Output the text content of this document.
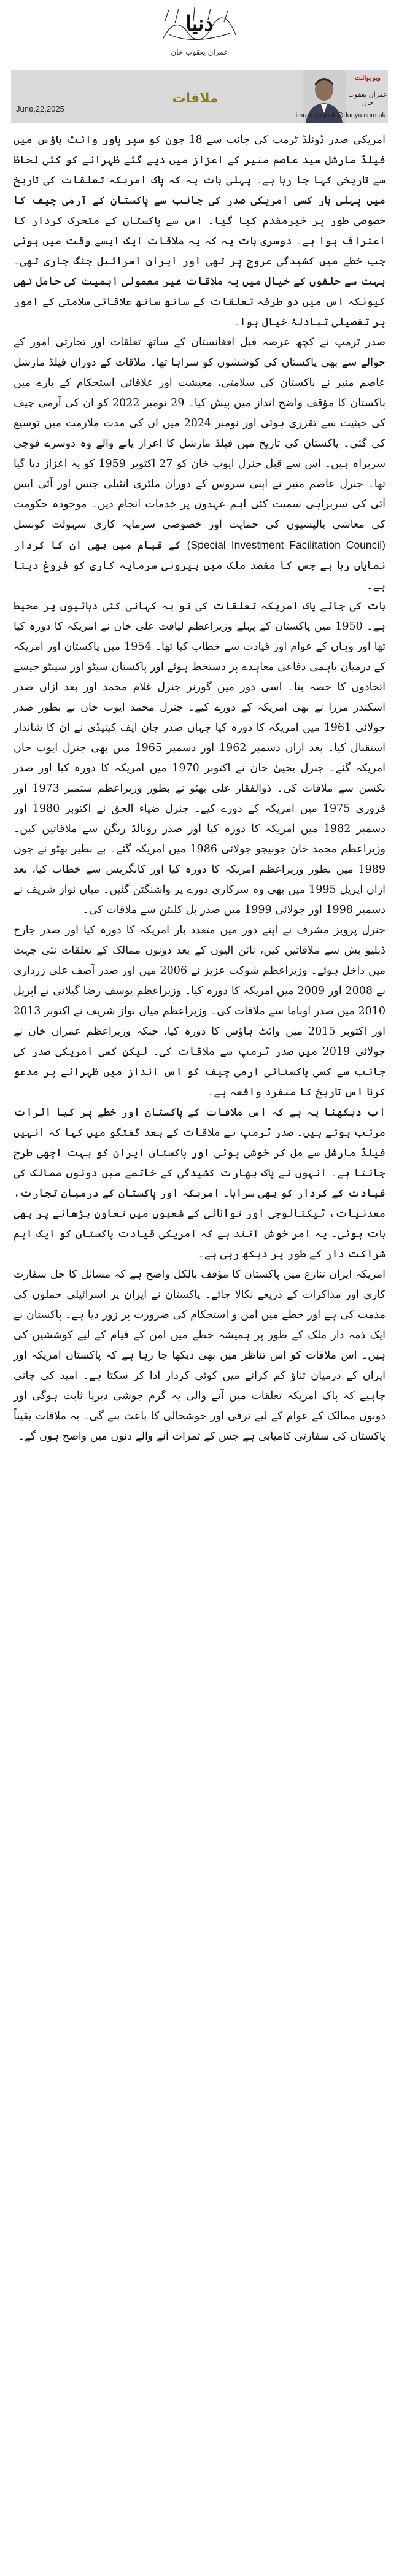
دنیا
عمران یعقوب خان
June,22,2025
ملاقات
ویو پوائنٹ
عمران یعقوب خان
imran.yaqoob@dunya.com.pk

امریکی صدر ڈونلڈ ٹرمپ کی جانب سے 18 جون کو سپر پاور وائٹ ہاؤس میں فیلڈ مارشل سید عاصم منیر کے اعزاز میں دیے گئے ظہرانے کو کئی لحاظ سے تاریخی کہا جا رہا ہے۔ پہلی بات یہ کہ پاک امریکہ تعلقات کی تاریخ میں پہلی بار کسی امریکی صدر کی جانب سے پاکستان کے آرمی چیف کا خصوصی طور پر خیرمقدم کیا گیا۔ اس سے پاکستان کے متحرک کردار کا اعتراف ہوا ہے۔ دوسری بات یہ کہ یہ ملاقات ایک ایسے وقت میں ہوئی جب خطے میں کشیدگی عروج پر تھی اور ایران اسرائیل جنگ جاری تھی۔ بہت سے حلقوں کے خیال میں یہ ملاقات غیر معمولی اہمیت کی حامل تھی کیونکہ اس میں دو طرفہ تعلقات کے ساتھ ساتھ علاقائی سلامتی کے امور پر تفصیلی تبادلۂ خیال ہوا۔

صدر ٹرمپ نے کچھ عرصہ قبل افغانستان کے ساتھ تعلقات اور تجارتی امور کے حوالے سے بھی پاکستان کی کوششوں کو سراہا تھا۔ ملاقات کے دوران فیلڈ مارشل عاصم منیر نے پاکستان کی سلامتی، معیشت اور علاقائی استحکام کے بارے میں پاکستان کا مؤقف واضح انداز میں پیش کیا۔ 29 نومبر 2022 کو ان کی آرمی چیف کی حیثیت سے تقرری ہوئی اور نومبر 2024 میں ان کی مدت ملازمت میں توسیع کی گئی۔ پاکستان کی تاریخ میں فیلڈ مارشل کا اعزاز پانے والے وہ دوسرے فوجی سربراہ ہیں۔ اس سے قبل جنرل ایوب خان کو 27 اکتوبر 1959 کو یہ اعزاز دیا گیا تھا۔ جنرل عاصم منیر نے اپنی سروس کے دوران ملٹری انٹیلی جنس اور آئی ایس آئی کی سربراہی سمیت کئی اہم عہدوں پر خدمات انجام دیں۔ موجودہ حکومت کی معاشی پالیسیوں کی حمایت اور خصوصی سرمایہ کاری سہولت کونسل (Special Investment Facilitation Council) کے قیام میں بھی ان کا کردار نمایاں رہا ہے جس کا مقصد ملک میں بیرونی سرمایہ کاری کو فروغ دینا ہے۔

بات کی جائے پاک امریکہ تعلقات کی تو یہ کہانی کئی دہائیوں پر محیط ہے۔ 1950 میں پاکستان کے پہلے وزیراعظم لیاقت علی خان نے امریکہ کا دورہ کیا تھا اور وہاں کے عوام اور قیادت سے خطاب کیا تھا۔ 1954 میں پاکستان اور امریکہ کے درمیان باہمی دفاعی معاہدے پر دستخط ہوئے اور پاکستان سیٹو اور سینٹو جیسے اتحادوں کا حصہ بنا۔ اسی دور میں گورنر جنرل غلام محمد اور بعد ازاں صدر اسکندر مرزا نے بھی امریکہ کے دورے کیے۔ جنرل محمد ایوب خان نے بطور صدر جولائی 1961 میں امریکہ کا دورہ کیا جہاں صدر جان ایف کینیڈی نے ان کا شاندار استقبال کیا۔ بعد ازاں دسمبر 1962 اور دسمبر 1965 میں بھی جنرل ایوب خان امریکہ گئے۔ جنرل یحییٰ خان نے اکتوبر 1970 میں امریکہ کا دورہ کیا اور صدر نکسن سے ملاقات کی۔ ذوالفقار علی بھٹو نے بطور وزیراعظم ستمبر 1973 اور فروری 1975 میں امریکہ کے دورے کیے۔ جنرل ضیاء الحق نے اکتوبر 1980 اور دسمبر 1982 میں امریکہ کا دورہ کیا اور صدر رونالڈ ریگن سے ملاقاتیں کیں۔ وزیراعظم محمد خان جونیجو جولائی 1986 میں امریکہ گئے۔ بے نظیر بھٹو نے جون 1989 میں بطور وزیراعظم امریکہ کا دورہ کیا اور کانگریس سے خطاب کیا، بعد ازاں اپریل 1995 میں بھی وہ سرکاری دورے پر واشنگٹن گئیں۔ میاں نواز شریف نے دسمبر 1998 اور جولائی 1999 میں صدر بل کلنٹن سے ملاقات کی۔

جنرل پرویز مشرف نے اپنے دور میں متعدد بار امریکہ کا دورہ کیا اور صدر جارج ڈبلیو بش سے ملاقاتیں کیں، نائن الیون کے بعد دونوں ممالک کے تعلقات نئی جہت میں داخل ہوئے۔ وزیراعظم شوکت عزیز نے 2006 میں اور صدر آصف علی زرداری نے 2008 اور 2009 میں امریکہ کا دورہ کیا۔ وزیراعظم یوسف رضا گیلانی نے اپریل 2010 میں صدر اوباما سے ملاقات کی۔ وزیراعظم میاں نواز شریف نے اکتوبر 2013 اور اکتوبر 2015 میں وائٹ ہاؤس کا دورہ کیا، جبکہ وزیراعظم عمران خان نے جولائی 2019 میں صدر ٹرمپ سے ملاقات کی۔ لیکن کسی امریکی صدر کی جانب سے کسی پاکستانی آرمی چیف کو اس انداز میں ظہرانے پر مدعو کرنا اس تاریخ کا منفرد واقعہ ہے۔

اب دیکھنا یہ ہے کہ اس ملاقات کے پاکستان اور خطے پر کیا اثرات مرتب ہوتے ہیں۔ صدر ٹرمپ نے ملاقات کے بعد گفتگو میں کہا کہ انہیں فیلڈ مارشل سے مل کر خوشی ہوئی اور پاکستان ایران کو بہت اچھی طرح جانتا ہے۔ انہوں نے پاک بھارت کشیدگی کے خاتمے میں دونوں ممالک کی قیادت کے کردار کو بھی سراہا۔ امریکہ اور پاکستان کے درمیان تجارت، معدنیات، ٹیکنالوجی اور توانائی کے شعبوں میں تعاون بڑھانے پر بھی بات ہوئی۔ یہ امر خوش آئند ہے کہ امریکی قیادت پاکستان کو ایک اہم شراکت دار کے طور پر دیکھ رہی ہے۔

امریکہ ایران تنازع میں پاکستان کا مؤقف بالکل واضح ہے کہ مسائل کا حل سفارت کاری اور مذاکرات کے ذریعے نکالا جائے۔ پاکستان نے ایران پر اسرائیلی حملوں کی مذمت کی ہے اور خطے میں امن و استحکام کی ضرورت پر زور دیا ہے۔ پاکستان نے ایک ذمہ دار ملک کے طور پر ہمیشہ خطے میں امن کے قیام کے لیے کوششیں کی ہیں۔ اس ملاقات کو اس تناظر میں بھی دیکھا جا رہا ہے کہ پاکستان امریکہ اور ایران کے درمیان تناؤ کم کرانے میں کوئی کردار ادا کر سکتا ہے۔ امید کی جانی چاہیے کہ پاک امریکہ تعلقات میں آنے والی یہ گرم جوشی دیرپا ثابت ہوگی اور دونوں ممالک کے عوام کے لیے ترقی اور خوشحالی کا باعث بنے گی۔ یہ ملاقات یقیناً پاکستان کی سفارتی کامیابی ہے جس کے ثمرات آنے والے دنوں میں واضح ہوں گے۔
